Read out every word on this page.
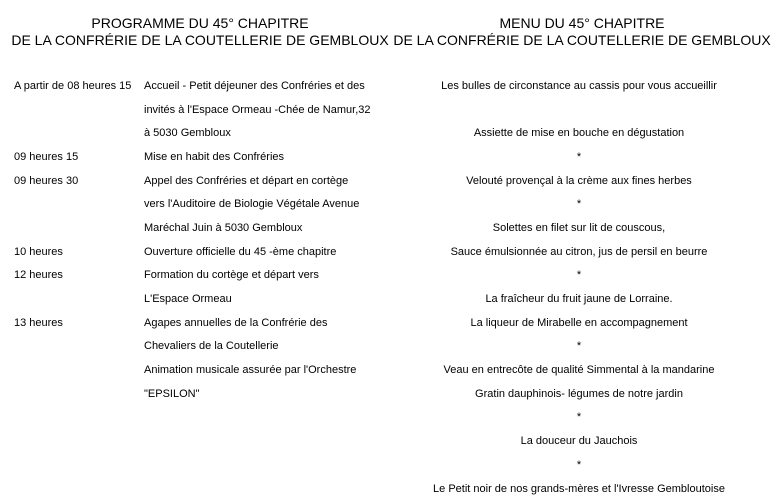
PROGRAMME DU 45° CHAPITRE
DE LA CONFRÉRIE DE LA COUTELLERIE DE GEMBLOUX
MENU DU 45° CHAPITRE
DE LA CONFRÉRIE DE LA COUTELLERIE DE GEMBLOUX
A partir de 08 heures 15
09 heures 15
09 heures 30
10 heures
12 heures
13 heures
Accueil - Petit déjeuner des Confréries et des
invités à l'Espace Ormeau -Chée de Namur,32
à 5030 Gembloux
Mise en habit des Confréries
Appel des Confréries et départ en cortège
vers l'Auditoire de Biologie Végétale Avenue
Maréchal Juin à 5030 Gembloux
Ouverture officielle du 45 -ème chapitre
Formation du cortège et départ vers
L'Espace Ormeau
Agapes annuelles de la Confrérie des
Chevaliers de la Coutellerie
Animation musicale assurée par l'Orchestre
"EPSILON"
Les bulles de circonstance au cassis pour vous accueillir
Assiette de mise en bouche en dégustation
*
Velouté provençal à la crème aux fines herbes
*
Solettes en filet sur lit de couscous,
Sauce émulsionnée au citron, jus de persil en beurre
*
La fraîcheur du fruit jaune de Lorraine.
La liqueur de Mirabelle en accompagnement
*
Veau en entrecôte de qualité Simmental à la mandarine
Gratin dauphinois- légumes de notre jardin
*
La douceur du Jauchois
*
Le Petit noir de nos grands-mères et l'Ivresse Gembloutoise
